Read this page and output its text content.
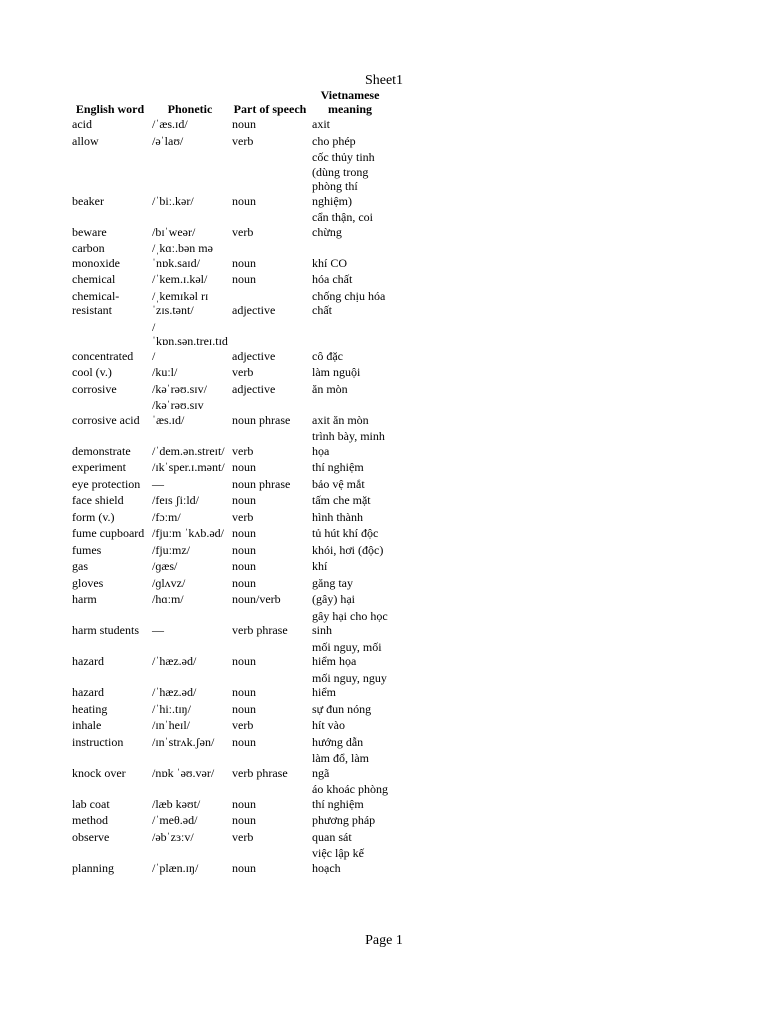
Sheet1
English word	Phonetic	Part of speech	Vietnamese meaning
acid	/ˈæs.ɪd/	noun	axit
allow	/əˈlaʊ/	verb	cho phép
beaker	/ˈbiː.kər/	noun	cốc thủy tinh (dùng trong phòng thí nghiệm)
beware	/bɪˈweər/	verb	cẩn thận, coi chừng
carbon monoxide	/ˌkɑː.bən məˈnɒk.saɪd/	noun	khí CO
chemical	/ˈkem.ɪ.kəl/	noun	hóa chất
chemical-resistant	/ˌkemɪkəl rɪˈzɪs.tənt/	adjective	chống chịu hóa chất
concentrated	/ˈkɒn.sən.treɪ.tɪd/	adjective	cô đặc
cool (v.)	/kuːl/	verb	làm nguội
corrosive	/kəˈrəʊ.sɪv/	adjective	ăn mòn
corrosive acid	/kəˈrəʊ.sɪv ˈæs.ɪd/	noun phrase	axit ăn mòn
demonstrate	/ˈdem.ən.streɪt/	verb	trình bày, minh họa
experiment	/ɪkˈsper.ɪ.mənt/	noun	thí nghiệm
eye protection	—	noun phrase	bảo vệ mắt
face shield	/feɪs ʃiːld/	noun	tấm che mặt
form (v.)	/fɔːm/	verb	hình thành
fume cupboard	/fjuːm ˈkʌb.əd/	noun	tủ hút khí độc
fumes	/fjuːmz/	noun	khói, hơi (độc)
gas	/ɡæs/	noun	khí
gloves	/ɡlʌvz/	noun	găng tay
harm	/hɑːm/	noun/verb	(gây) hại
harm students	—	verb phrase	gây hại cho học sinh
hazard	/ˈhæz.əd/	noun	mối nguy, mối hiểm họa
hazard	/ˈhæz.əd/	noun	mối nguy, nguy hiểm
heating	/ˈhiː.tɪŋ/	noun	sự đun nóng
inhale	/ɪnˈheɪl/	verb	hít vào
instruction	/ɪnˈstrʌk.ʃən/	noun	hướng dẫn
knock over	/nɒk ˈəʊ.vər/	verb phrase	làm đổ, làm ngã
lab coat	/læb kəʊt/	noun	áo khoác phòng thí nghiệm
method	/ˈmeθ.əd/	noun	phương pháp
observe	/əbˈzɜːv/	verb	quan sát
planning	/ˈplæn.ɪŋ/	noun	việc lập kế hoạch
Page 1
